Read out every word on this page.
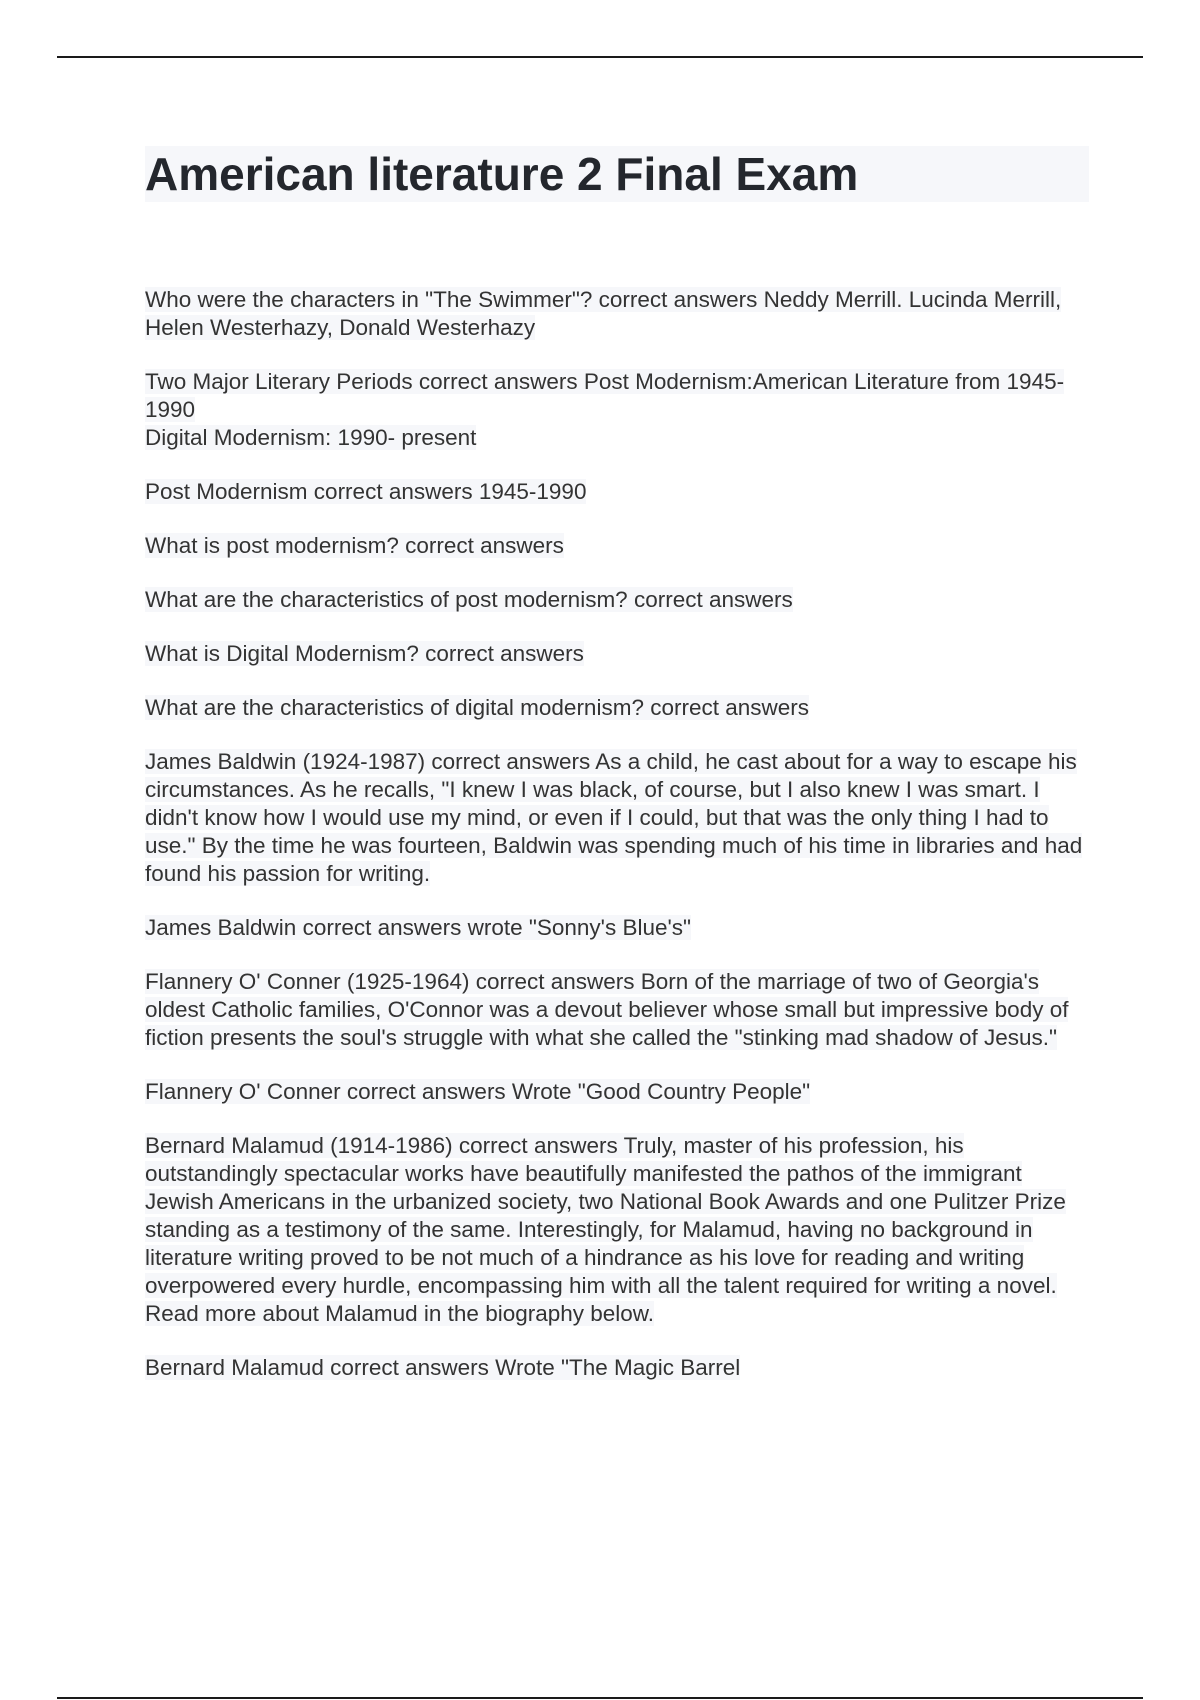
American literature 2 Final Exam

Who were the characters in "The Swimmer"? correct answers Neddy Merrill. Lucinda Merrill, Helen Westerhazy, Donald Westerhazy

Two Major Literary Periods correct answers Post Modernism:American Literature from 1945-1990
Digital Modernism: 1990- present

Post Modernism correct answers 1945-1990

What is post modernism? correct answers

What are the characteristics of post modernism? correct answers

What is Digital Modernism? correct answers

What are the characteristics of digital modernism? correct answers

James Baldwin (1924-1987) correct answers As a child, he cast about for a way to escape his circumstances. As he recalls, "I knew I was black, of course, but I also knew I was smart. I didn't know how I would use my mind, or even if I could, but that was the only thing I had to use." By the time he was fourteen, Baldwin was spending much of his time in libraries and had found his passion for writing.

James Baldwin correct answers wrote "Sonny's Blue's"

Flannery O' Conner (1925-1964) correct answers Born of the marriage of two of Georgia's oldest Catholic families, O'Connor was a devout believer whose small but impressive body of fiction presents the soul's struggle with what she called the "stinking mad shadow of Jesus."

Flannery O' Conner correct answers Wrote "Good Country People"

Bernard Malamud (1914-1986) correct answers Truly, master of his profession, his outstandingly spectacular works have beautifully manifested the pathos of the immigrant Jewish Americans in the urbanized society, two National Book Awards and one Pulitzer Prize standing as a testimony of the same. Interestingly, for Malamud, having no background in literature writing proved to be not much of a hindrance as his love for reading and writing overpowered every hurdle, encompassing him with all the talent required for writing a novel. Read more about Malamud in the biography below.

Bernard Malamud correct answers Wrote "The Magic Barrel
